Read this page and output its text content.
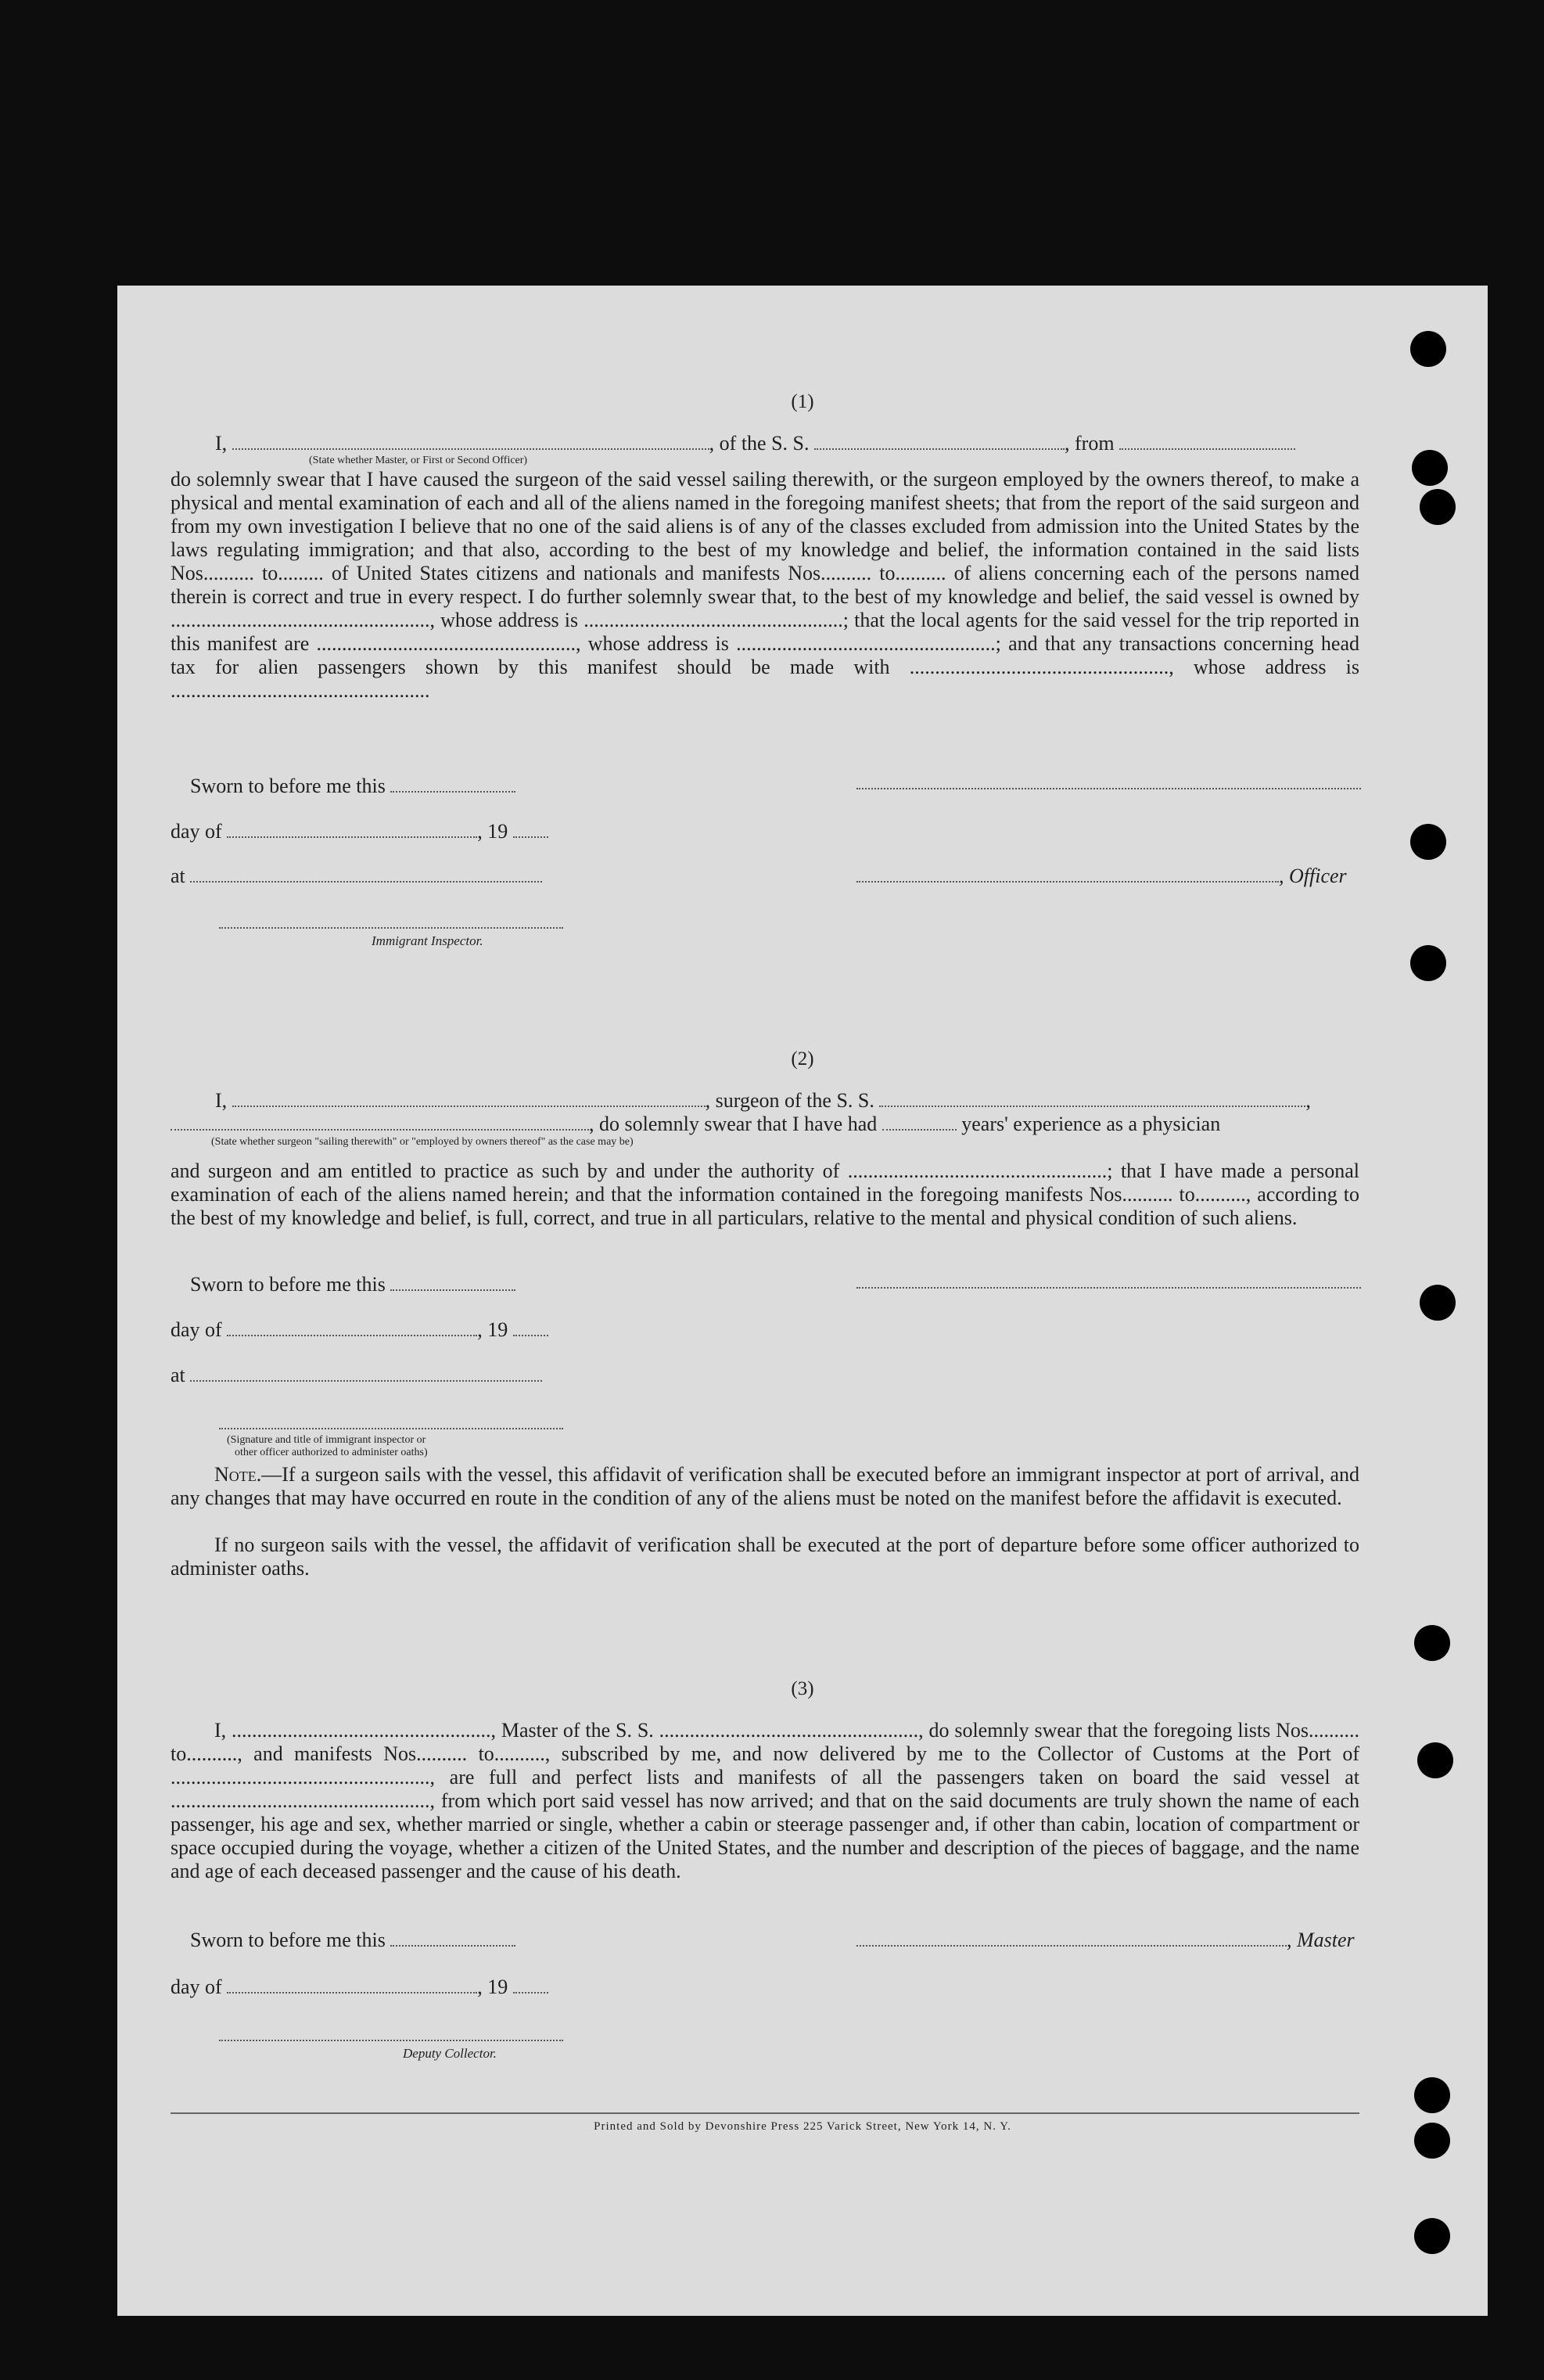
(1)
I,	, of the S. S.	, from
(State whether Master, or First or Second Officer)
do solemnly swear that I have caused the surgeon of the said vessel sailing therewith, or the surgeon employed by the owners thereof, to make a physical and mental examination of each and all of the aliens named in the foregoing manifest sheets; that from the report of the said surgeon and from my own investigation I believe that no one of the said aliens is of any of the classes excluded from admission into the United States by the laws regulating immigration; and that also, according to the best of my knowledge and belief, the information contained in the said lists Nos.......... to......... of United States citizens and nationals and manifests Nos.......... to.......... of aliens concerning each of the persons named therein is correct and true in every respect. I do further solemnly swear that, to the best of my knowledge and belief, the said vessel is owned by ..................................................., whose address is ...................................................; that the local agents for the said vessel for the trip reported in this manifest are ..................................................., whose address is ...................................................; and that any transactions concerning head tax for alien passengers shown by this manifest should be made with ..................................................., whose address is ...................................................
Sworn to before me this
day of	, 19
at	, Officer
Immigrant Inspector.
(2)
I,	, surgeon of the S. S.	,
, do solemnly swear that I have had	years' experience as a physician
(State whether surgeon "sailing therewith" or "employed by owners thereof" as the case may be)
and surgeon and am entitled to practice as such by and under the authority of ...................................................; that I have made a personal examination of each of the aliens named herein; and that the information contained in the foregoing manifests Nos.......... to.........., according to the best of my knowledge and belief, is full, correct, and true in all particulars, relative to the mental and physical condition of such aliens.
Sworn to before me this
day of	, 19
at
(Signature and title of immigrant inspector or
other officer authorized to administer oaths)
Note.—If a surgeon sails with the vessel, this affidavit of verification shall be executed before an immigrant inspector at port of arrival, and any changes that may have occurred en route in the condition of any of the aliens must be noted on the manifest before the affidavit is executed.
If no surgeon sails with the vessel, the affidavit of verification shall be executed at the port of departure before some officer authorized to administer oaths.
(3)
I, ..................................................., Master of the S. S. ..................................................., do solemnly swear that the foregoing lists Nos.......... to.........., and manifests Nos.......... to.........., subscribed by me, and now delivered by me to the Collector of Customs at the Port of ..................................................., are full and perfect lists and manifests of all the passengers taken on board the said vessel at ..................................................., from which port said vessel has now arrived; and that on the said documents are truly shown the name of each passenger, his age and sex, whether married or single, whether a cabin or steerage passenger and, if other than cabin, location of compartment or space occupied during the voyage, whether a citizen of the United States, and the number and description of the pieces of baggage, and the name and age of each deceased passenger and the cause of his death.
Sworn to before me this	, Master
day of	, 19
Deputy Collector.
Printed and Sold by Devonshire Press 225 Varick Street, New York 14, N. Y.
